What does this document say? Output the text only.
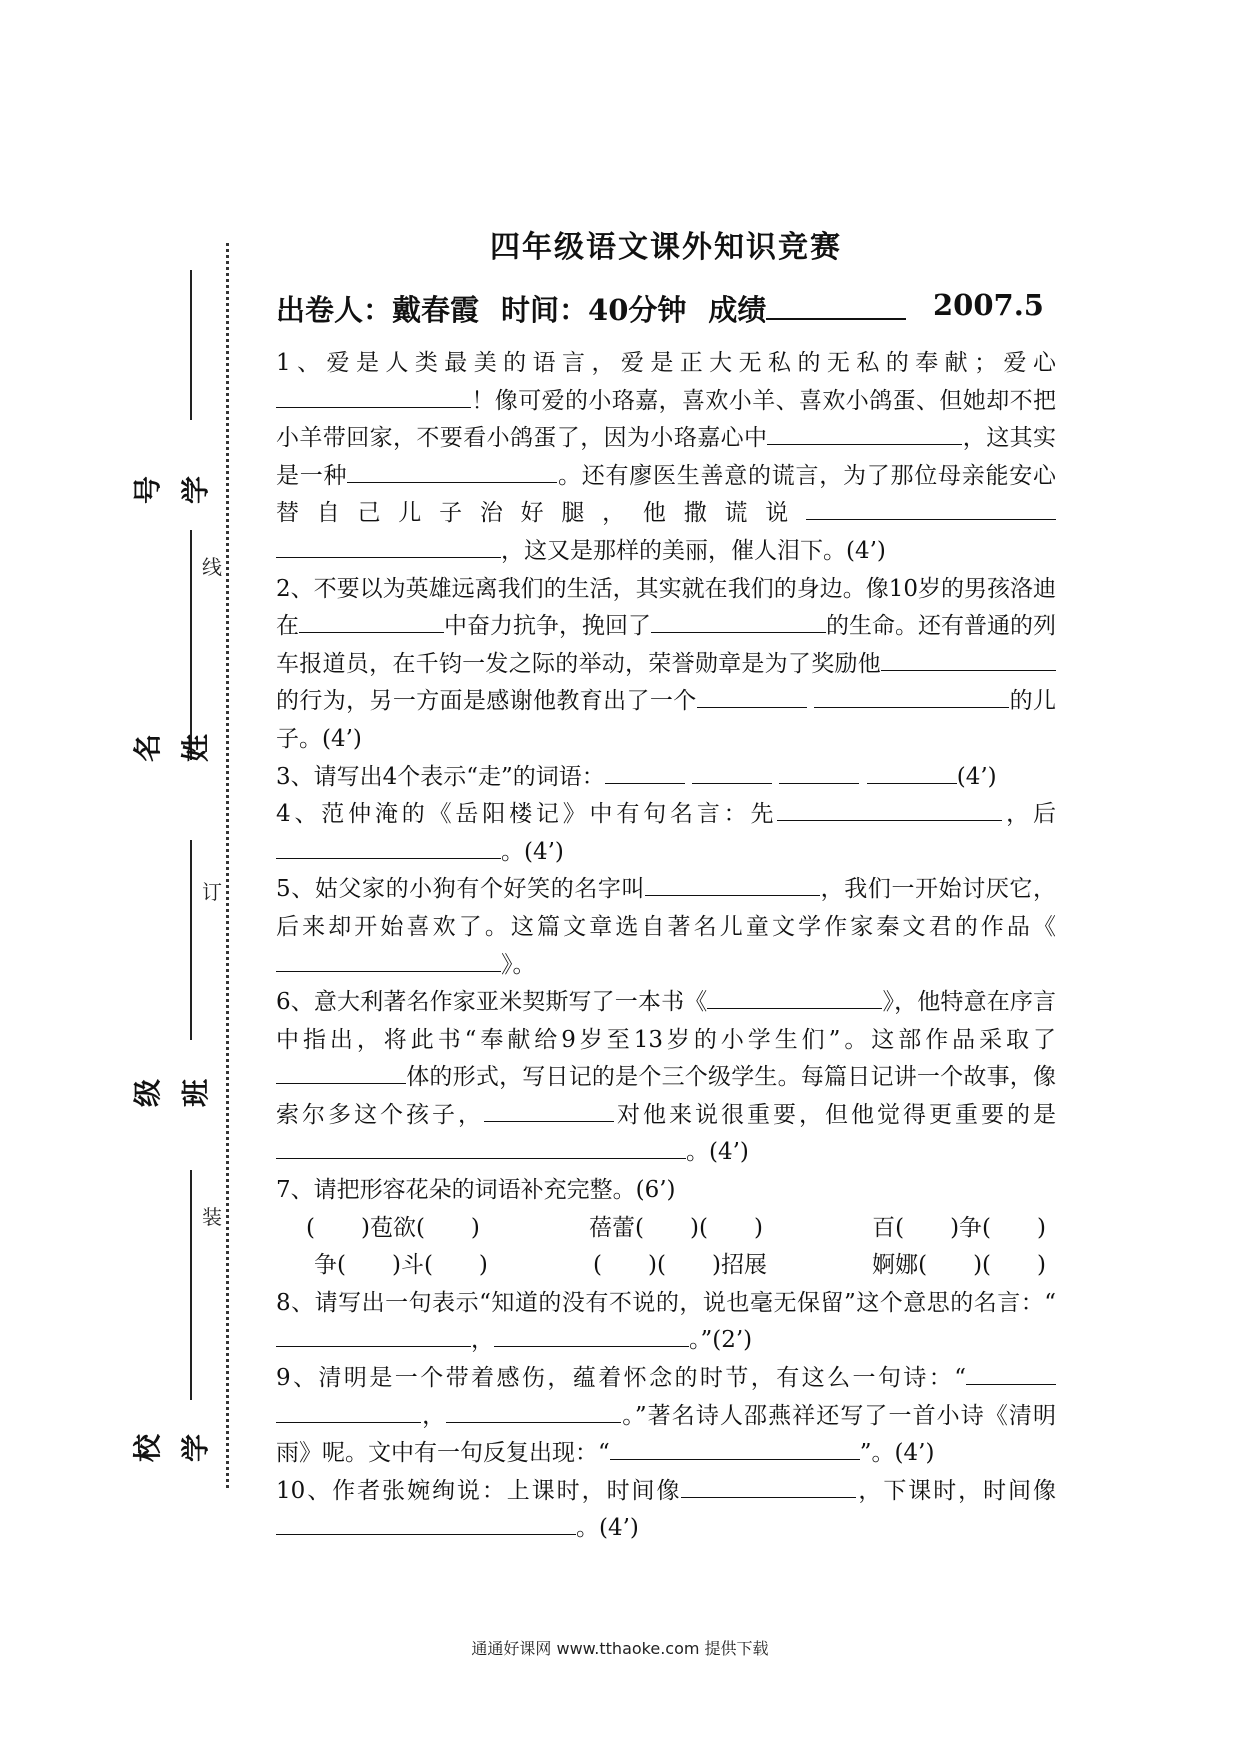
线
订
装
号 学
名 姓
级 班
校 学
四年级语文课外知识竞赛
出卷人：戴春霞 时间：40分钟 成绩	2007.5

1、爱是人类最美的语言，爱是正大无私的无私的奉献；爱心 ！像可爱的小珞嘉，喜欢小羊、喜欢小鸽蛋、但她却不把小羊带回家，不要看小鸽蛋了，因为小珞嘉心中	，这其实是一种	。还有廖医生善意的谎言，为了那位母亲能安心替自己儿子治好腿，他撒谎说 ，这又是那样的美丽，催人泪下。(4’)

2、不要以为英雄远离我们的生活，其实就在我们的身边。像10岁的男孩洛迪在	中奋力抗争，挽回了	的生命。还有普通的列车报道员，在千钧一发之际的举动，荣誉勋章是为了奖励他的行为，另一方面是感谢他教育出了一个	的儿子。(4’)

3、请写出4个表示“走”的词语：	(4’)

4、范仲淹的《岳阳楼记》中有句名言：先	，后 。(4’)

5、姑父家的小狗有个好笑的名字叫	，我们一开始讨厌它，后来却开始喜欢了。这篇文章选自著名儿童文学作家秦文君的作品《》。

6、意大利著名作家亚米契斯写了一本书《	》，他特意在序言中指出，将此书“奉献给9岁至13岁的小学生们”。这部作品采取了体的形式，写日记的是个三个级学生。每篇日记讲一个故事，像索尔多这个孩子，	对他来说很重要，但他觉得更重要的是。(4’)

7、请把形容花朵的词语补充完整。(6’)

(　　)苞欲(　　)	蓓蕾(　　)(　　)	百(　　)争(　　)
争(　　)斗(　　)	(　　)(　　)招展	婀娜(　　)(　　)

8、请写出一句表示“知道的没有不说的，说也毫无保留”这个意思的名言：“，	。”(2’)

9、清明是一个带着感伤，蕴着怀念的时节，有这么一句诗：“ ，	。”著名诗人邵燕祥还写了一首小诗《清明雨》呢。文中有一句反复出现：“	”。(4’)

10、作者张婉绚说：上课时，时间像	，下课时，时间像 。(4’)

通通好课网 www.tthaoke.com 提供下载
